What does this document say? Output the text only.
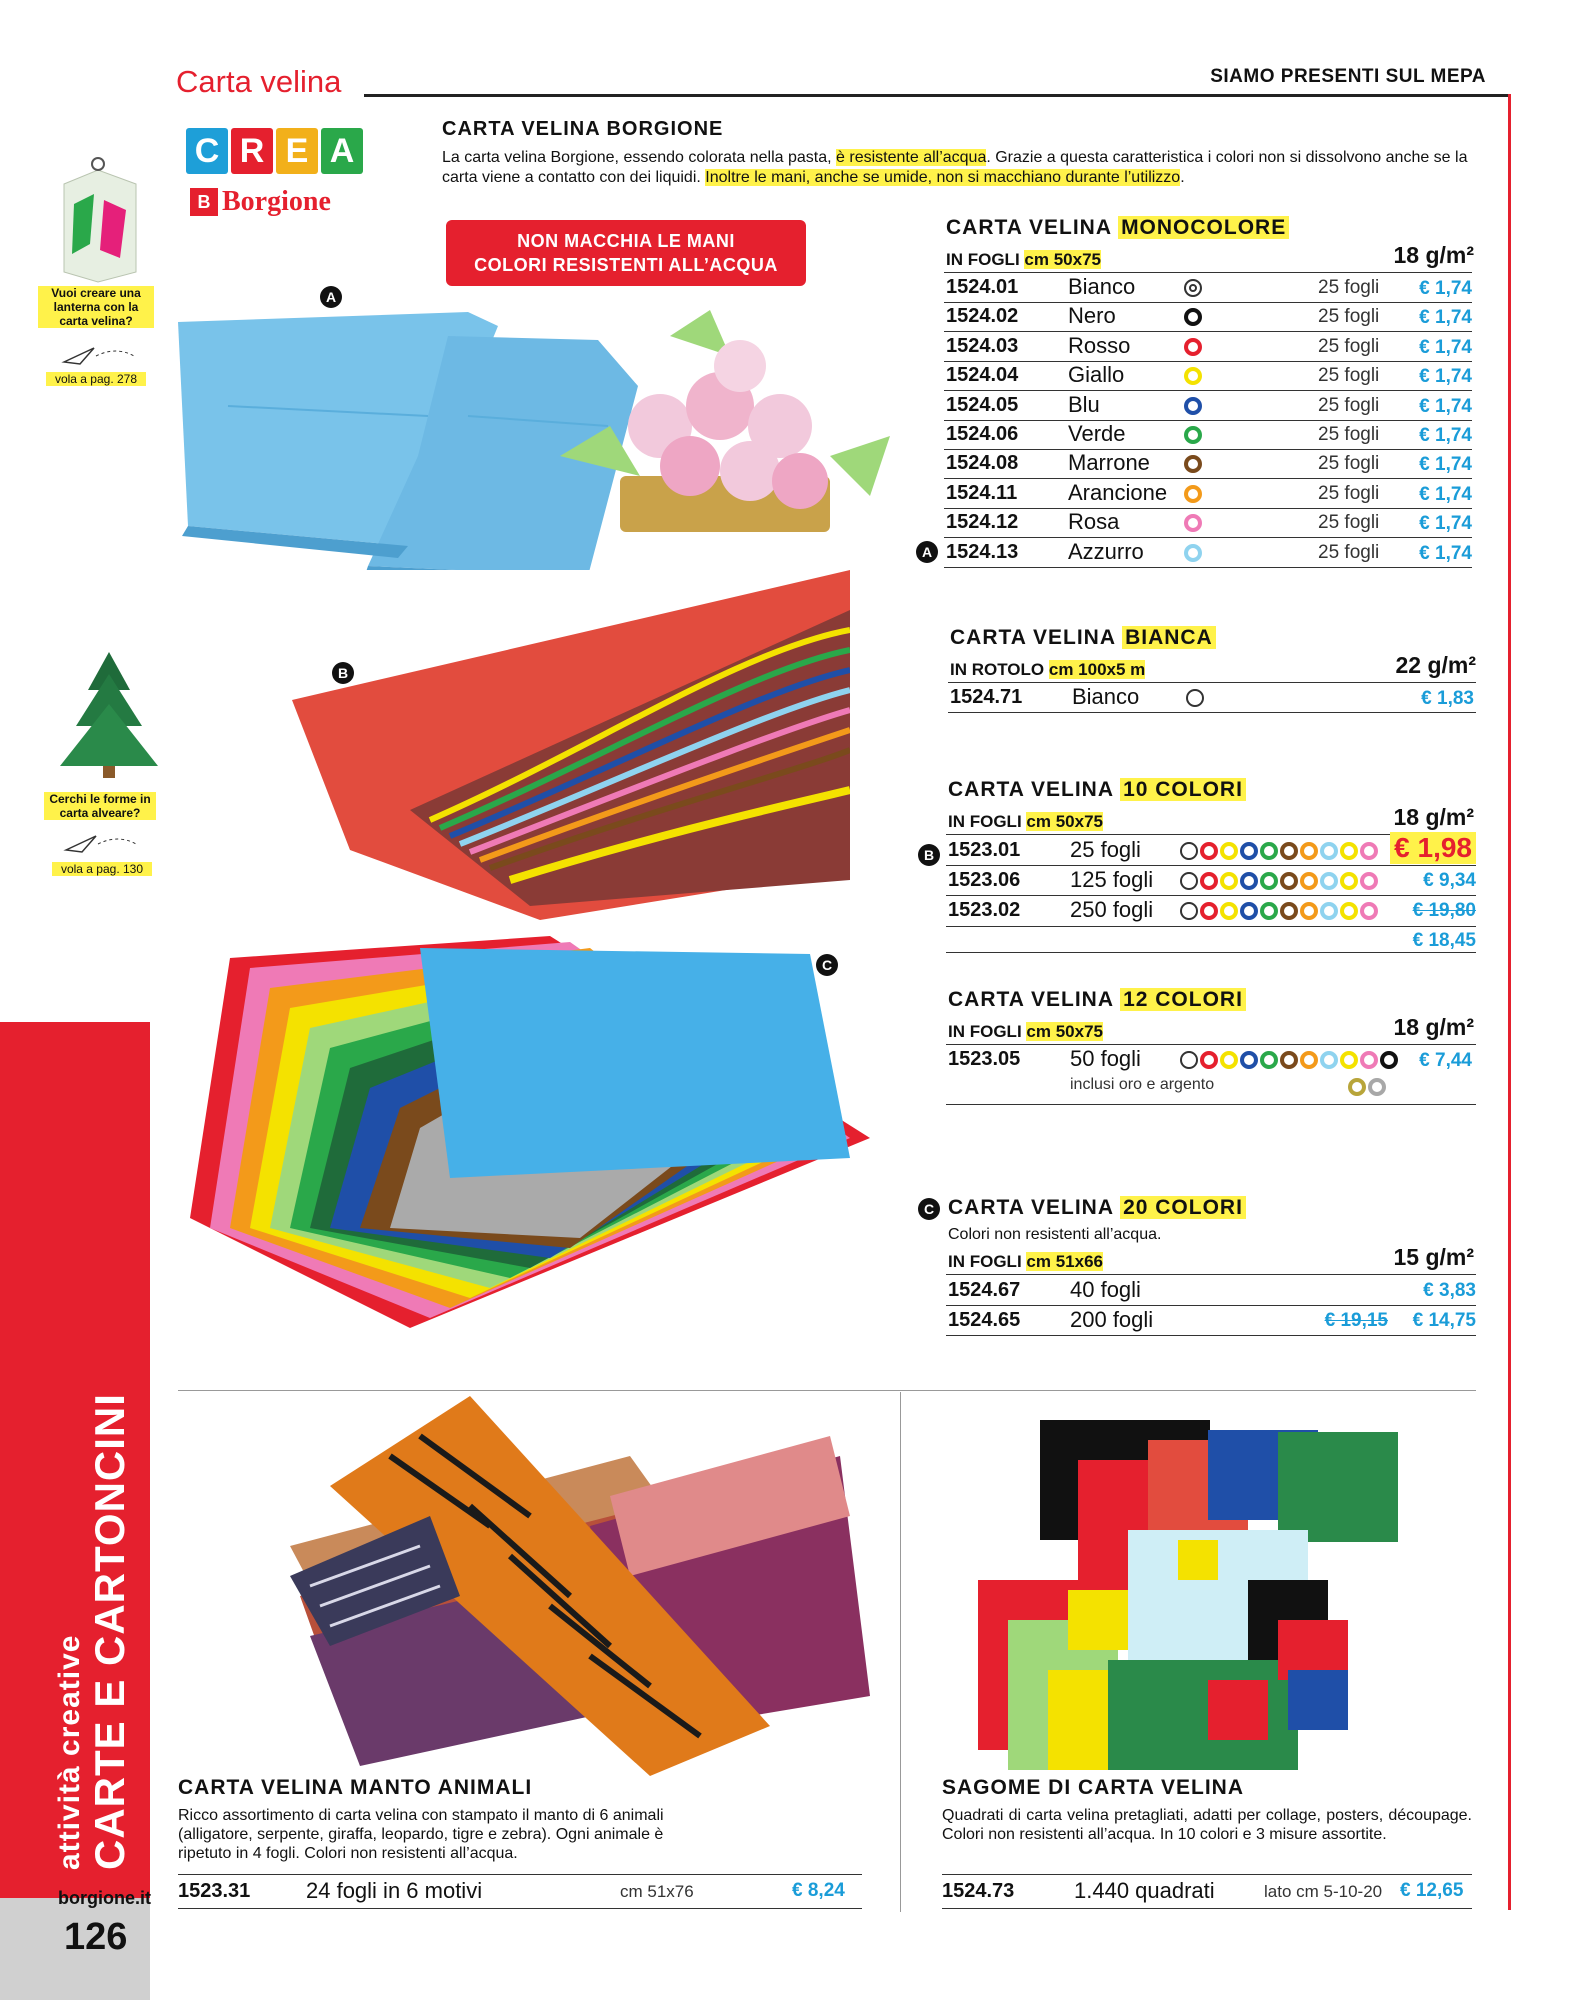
Carta velina	SIAMO PRESENTI SUL MEPA
C R E A
B Borgione
CARTA VELINA BORGIONE
La carta velina Borgione, essendo colorata nella pasta, è resistente all’acqua. Grazie a questa caratteristica i colori non si dissolvono anche se la carta viene a contatto con dei liquidi. Inoltre le mani, anche se umide, non si macchiano durante l’utilizzo.
NON MACCHIA LE MANI
COLORI RESISTENTI ALL’ACQUA
Vuoi creare una lanterna con la carta velina?
vola a pag. 278
Cerchi le forme in carta alveare?
vola a pag. 130
attività creative CARTE E CARTONCINI
borgione.it
126
A
B
C
CARTA VELINA MONOCOLORE
IN FOGLI cm 50x75	18 g/m²
1524.01 Bianco	25 fogli € 1,74
1524.02 Nero	25 fogli € 1,74
1524.03 Rosso	25 fogli € 1,74
1524.04 Giallo	25 fogli € 1,74
1524.05 Blu	25 fogli € 1,74
1524.06 Verde	25 fogli € 1,74
1524.08 Marrone	25 fogli € 1,74
1524.11 Arancione	25 fogli € 1,74
1524.12 Rosa	25 fogli € 1,74
1524.13 Azzurro	25 fogli € 1,74
A
CARTA VELINA BIANCA
IN ROTOLO cm 100x5 m	22 g/m²
1524.71 Bianco	€ 1,83
CARTA VELINA 10 COLORI
IN FOGLI cm 50x75	18 g/m²
1523.01 25 fogli	€ 1,98
1523.06 125 fogli	€ 9,34
1523.02 250 fogli	€ 19,80
€ 18,45
B
CARTA VELINA 12 COLORI
IN FOGLI cm 50x75	18 g/m²
1523.05 50 fogli	€ 7,44
inclusi oro e argento
C CARTA VELINA 20 COLORI
Colori non resistenti all’acqua.
IN FOGLI cm 51x66	15 g/m²
1524.67 40 fogli	€ 3,83
1524.65 200 fogli	€ 19,15 € 14,75
CARTA VELINA MANTO ANIMALI
Ricco assortimento di carta velina con stampato il manto di 6 animali (alligatore, serpente, giraffa, leopardo, tigre e zebra). Ogni animale è ripetuto in 4 fogli. Colori non resistenti all’acqua.
1523.31	24 fogli in 6 motivi	cm 51x76	€ 8,24
SAGOME DI CARTA VELINA
Quadrati di carta velina pretagliati, adatti per collage, posters, découpage. Colori non resistenti all’acqua. In 10 colori e 3 misure assortite.
1524.73	1.440 quadrati	lato cm 5-10-20 € 12,65
